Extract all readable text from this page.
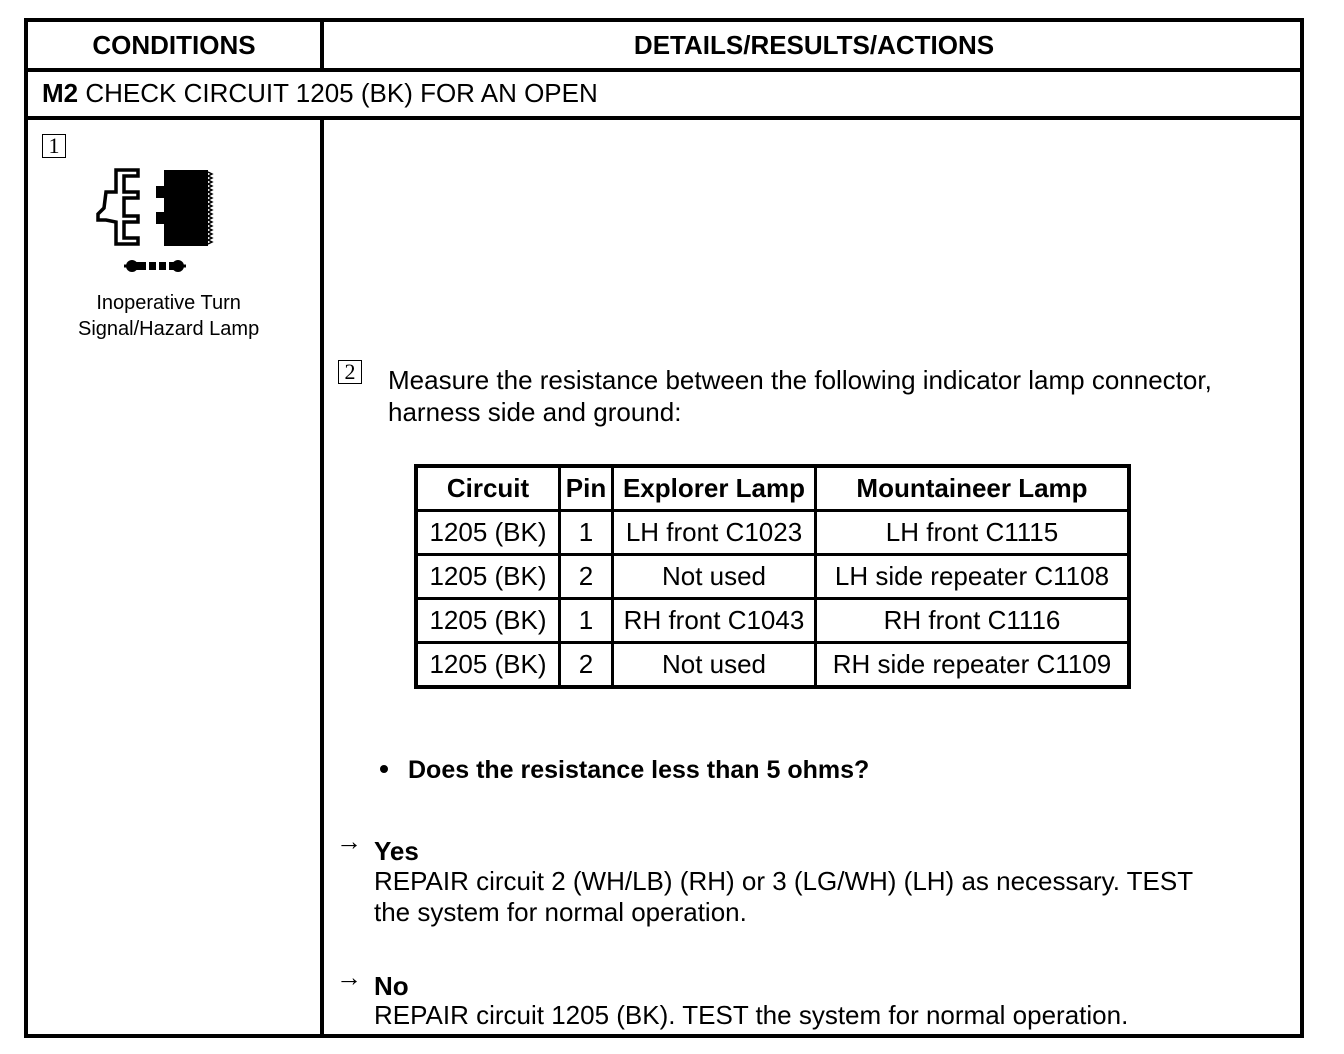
CONDITIONS	DETAILS/RESULTS/ACTIONS
M2 CHECK CIRCUIT 1205 (BK) FOR AN OPEN
1
Inoperative Turn
Signal/Hazard Lamp
2 Measure the resistance between the following indicator lamp connector,
harness side and ground:
Circuit	Pin	Explorer Lamp	Mountaineer Lamp
1205 (BK)	1	LH front C1023	LH front C1115
1205 (BK)	2	Not used	LH side repeater C1108
1205 (BK)	1	RH front C1043	RH front C1116
1205 (BK)	2	Not used	RH side repeater C1109
Does the resistance less than 5 ohms?
→ Yes
REPAIR circuit 2 (WH/LB) (RH) or 3 (LG/WH) (LH) as necessary. TEST
the system for normal operation.
→ No
REPAIR circuit 1205 (BK). TEST the system for normal operation.
